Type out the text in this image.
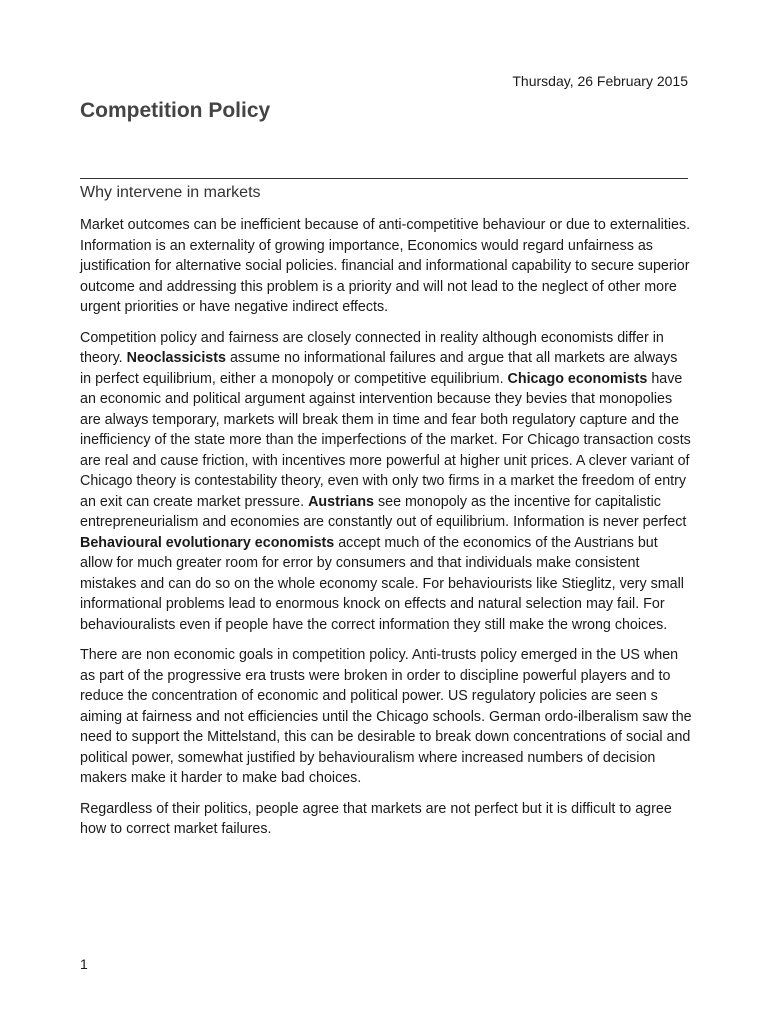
Thursday, 26 February 2015
Competition Policy
Why intervene in markets

Market outcomes can be inefficient because of anti-competitive behaviour or due to externalities. Information is an externality of growing importance, Economics would regard unfairness as justification for alternative social policies. financial and informational capability to secure superior outcome and addressing this problem is a priority and will not lead to the neglect of other more urgent priorities or have negative indirect effects.

Competition policy and fairness are closely connected in reality although economists differ in theory. Neoclassicists assume no informational failures and argue that all markets are always in perfect equilibrium, either a monopoly or competitive equilibrium. Chicago economists have an economic and political argument against intervention because they bevies that monopolies are always temporary, markets will break them in time and fear both regulatory capture and the inefficiency of the state more than the imperfections of the market. For Chicago transaction costs are real and cause friction, with incentives more powerful at higher unit prices. A clever variant of Chicago theory is contestability theory, even with only two firms in a market the freedom of entry an exit can create market pressure. Austrians see monopoly as the incentive for capitalistic entrepreneurialism and economies are constantly out of equilibrium. Information is never perfect Behavioural evolutionary economists accept much of the economics of the Austrians but allow for much greater room for error by consumers and that individuals make consistent mistakes and can do so on the whole economy scale. For behaviourists like Stieglitz, very small informational problems lead to enormous knock on effects and natural selection may fail. For behaviouralists even if people have the correct information they still make the wrong choices.

There are non economic goals in competition policy. Anti-trusts policy emerged in the US when as part of the progressive era trusts were broken in order to discipline powerful players and to reduce the concentration of economic and political power. US regulatory policies are seen s aiming at fairness and not efficiencies until the Chicago schools. German ordo-ilberalism saw the need to support the Mittelstand, this can be desirable to break down concentrations of social and political power, somewhat justified by behaviouralism where increased numbers of decision makers make it harder to make bad choices.

Regardless of their politics, people agree that markets are not perfect but it is difficult to agree how to correct market failures.

1
